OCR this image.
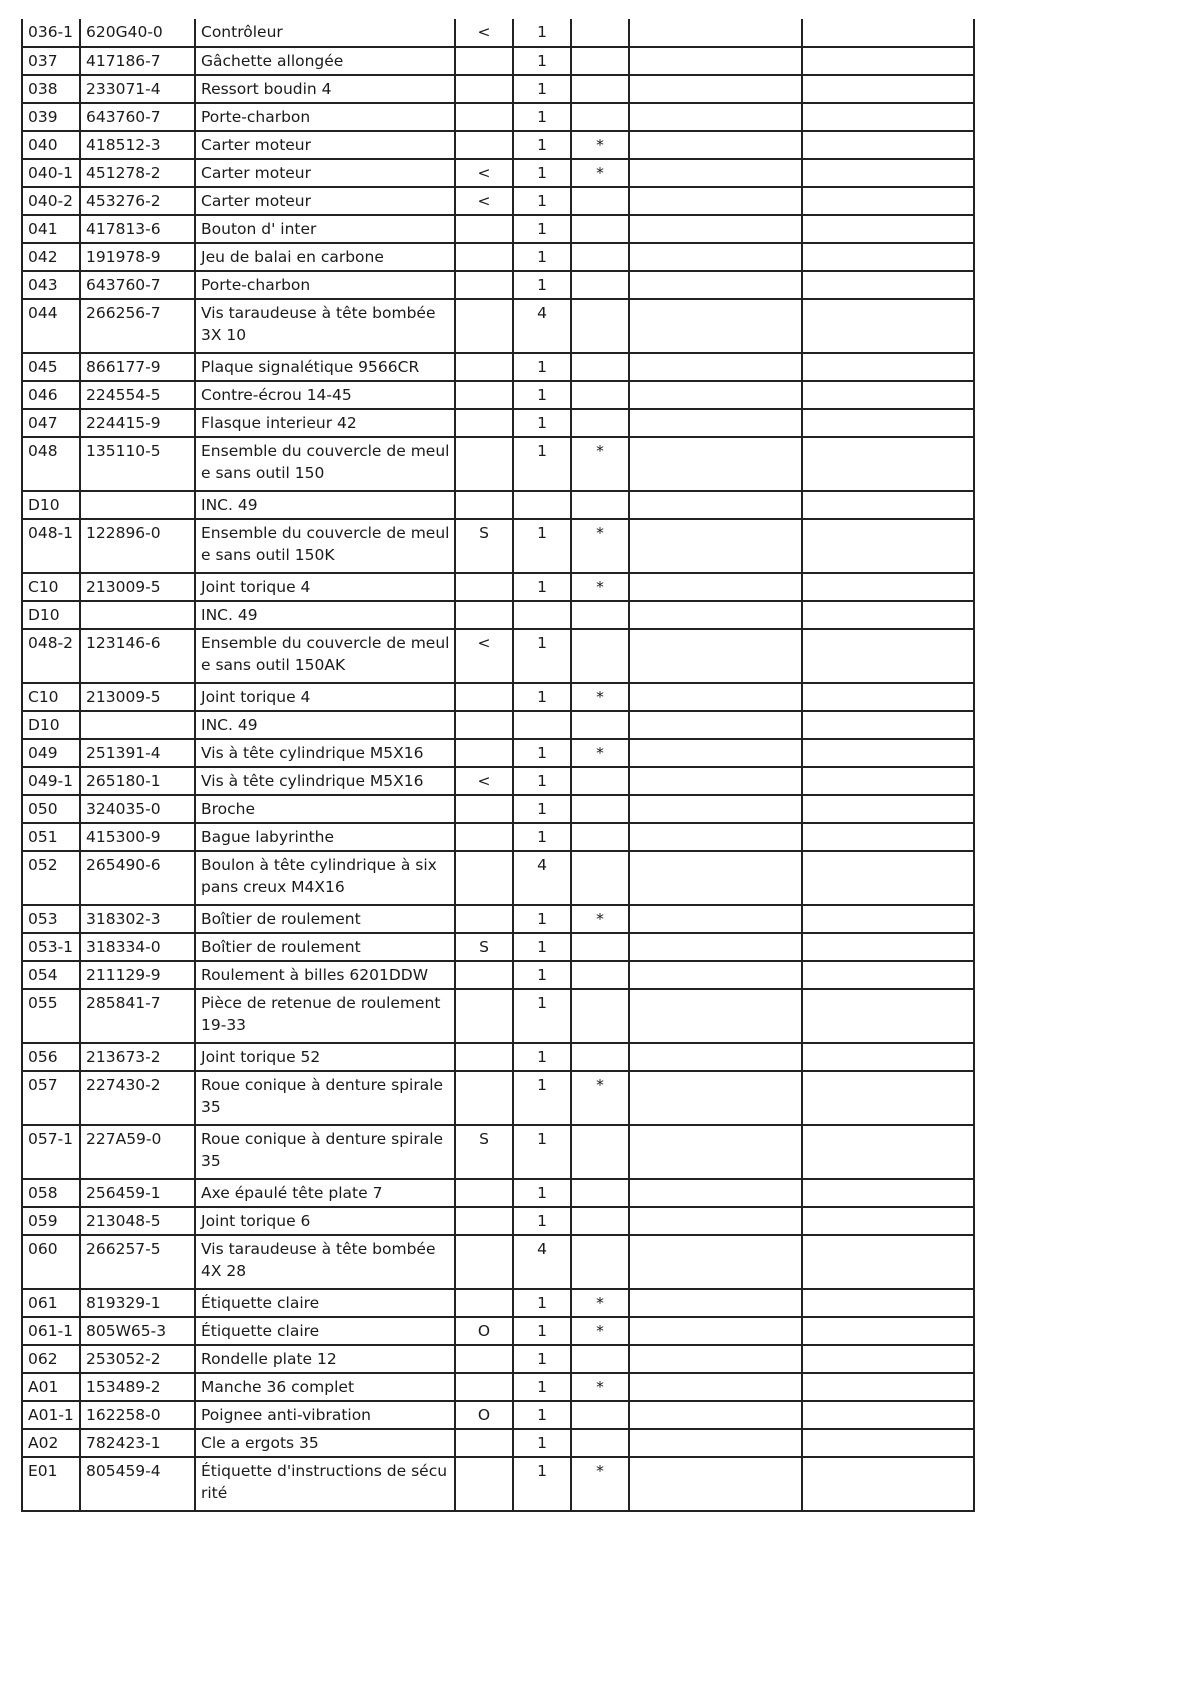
036-1	620G40-0	Contrôleur	<	1			
037	417186-7	Gâchette allongée		1			
038	233071-4	Ressort boudin 4		1			
039	643760-7	Porte-charbon		1			
040	418512-3	Carter moteur		1	*		
040-1	451278-2	Carter moteur	<	1	*		
040-2	453276-2	Carter moteur	<	1			
041	417813-6	Bouton d' inter		1			
042	191978-9	Jeu de balai en carbone		1			
043	643760-7	Porte-charbon		1			
044	266256-7	Vis taraudeuse à tête bombée 3X 10		4			
045	866177-9	Plaque signalétique 9566CR		1			
046	224554-5	Contre-écrou 14-45		1			
047	224415-9	Flasque interieur 42		1			
048	135110-5	Ensemble du couvercle de meule sans outil 150		1	*		
D10		INC. 49					
048-1	122896-0	Ensemble du couvercle de meule sans outil 150K	S	1	*		
C10	213009-5	Joint torique 4		1	*		
D10		INC. 49					
048-2	123146-6	Ensemble du couvercle de meule sans outil 150AK	<	1			
C10	213009-5	Joint torique 4		1	*		
D10		INC. 49					
049	251391-4	Vis à tête cylindrique M5X16		1	*		
049-1	265180-1	Vis à tête cylindrique M5X16	<	1			
050	324035-0	Broche		1			
051	415300-9	Bague labyrinthe		1			
052	265490-6	Boulon à tête cylindrique à six pans creux M4X16		4			
053	318302-3	Boîtier de roulement		1	*		
053-1	318334-0	Boîtier de roulement	S	1			
054	211129-9	Roulement à billes 6201DDW		1			
055	285841-7	Pièce de retenue de roulement 19-33		1			
056	213673-2	Joint torique 52		1			
057	227430-2	Roue conique à denture spirale 35		1	*		
057-1	227A59-0	Roue conique à denture spirale 35	S	1			
058	256459-1	Axe épaulé tête plate 7		1			
059	213048-5	Joint torique 6		1			
060	266257-5	Vis taraudeuse à tête bombée 4X 28		4			
061	819329-1	Étiquette claire		1	*		
061-1	805W65-3	Étiquette claire	O	1	*		
062	253052-2	Rondelle plate 12		1			
A01	153489-2	Manche 36 complet		1	*		
A01-1	162258-0	Poignee anti-vibration	O	1			
A02	782423-1	Cle a ergots 35		1			
E01	805459-4	Étiquette d'instructions de sécurité		1	*		
